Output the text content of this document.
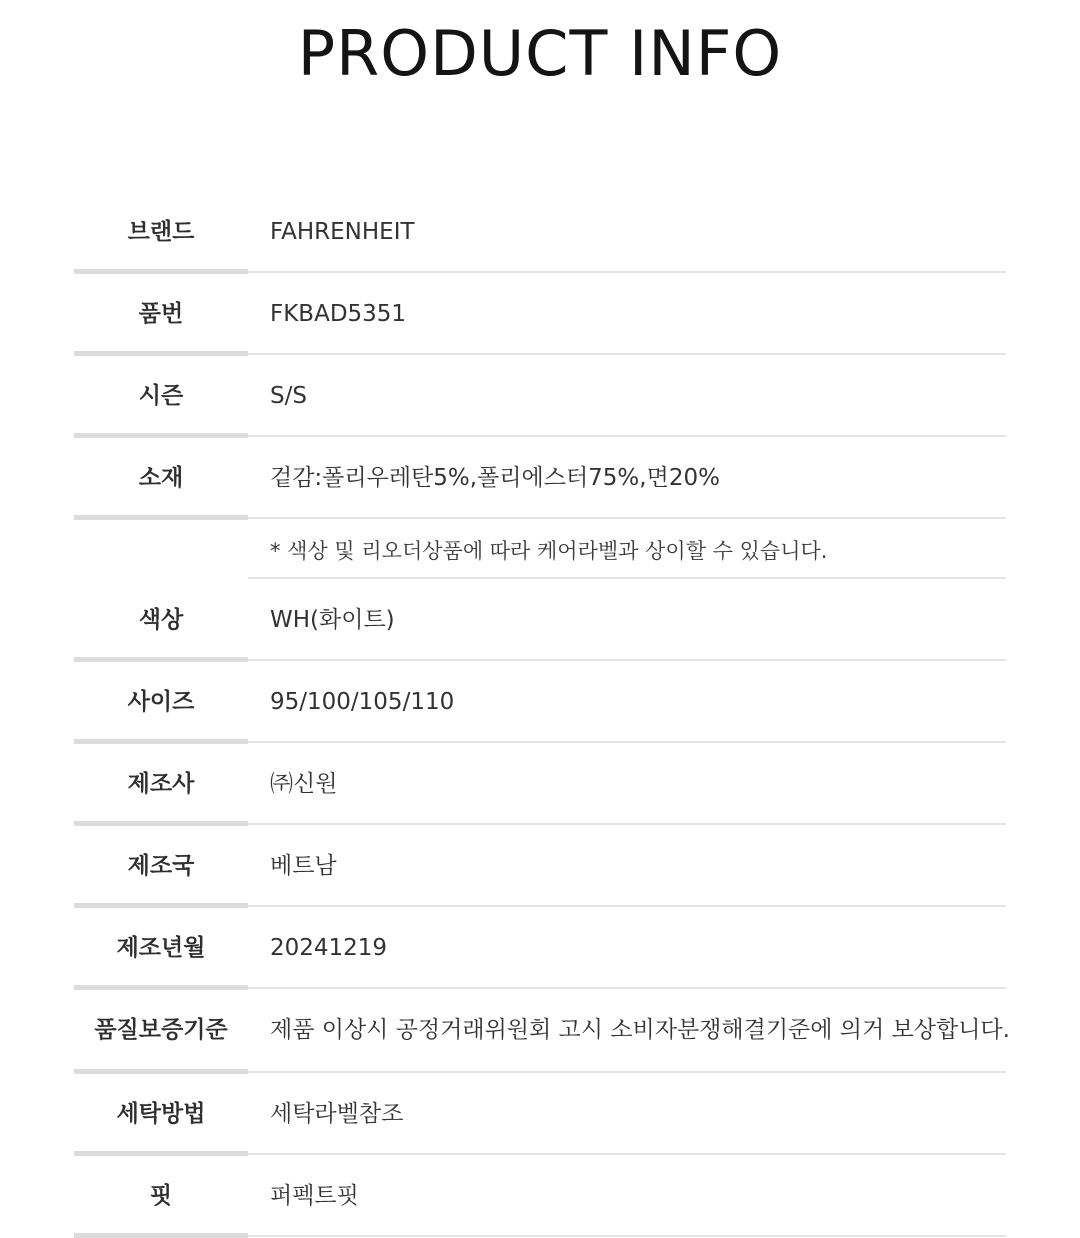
PRODUCT INFO
브랜드	FAHRENHEIT
품번	FKBAD5351
시즌	S/S
소재	겉감:폴리우레탄5%,폴리에스터75%,면20%
* 색상 및 리오더상품에 따라 케어라벨과 상이할 수 있습니다.
색상	WH(화이트)
사이즈	95/100/105/110
제조사	㈜신원
제조국	베트남
제조년월	20241219
품질보증기준	제품 이상시 공정거래위원회 고시 소비자분쟁해결기준에 의거 보상합니다.
세탁방법	세탁라벨참조
핏	퍼펙트핏
